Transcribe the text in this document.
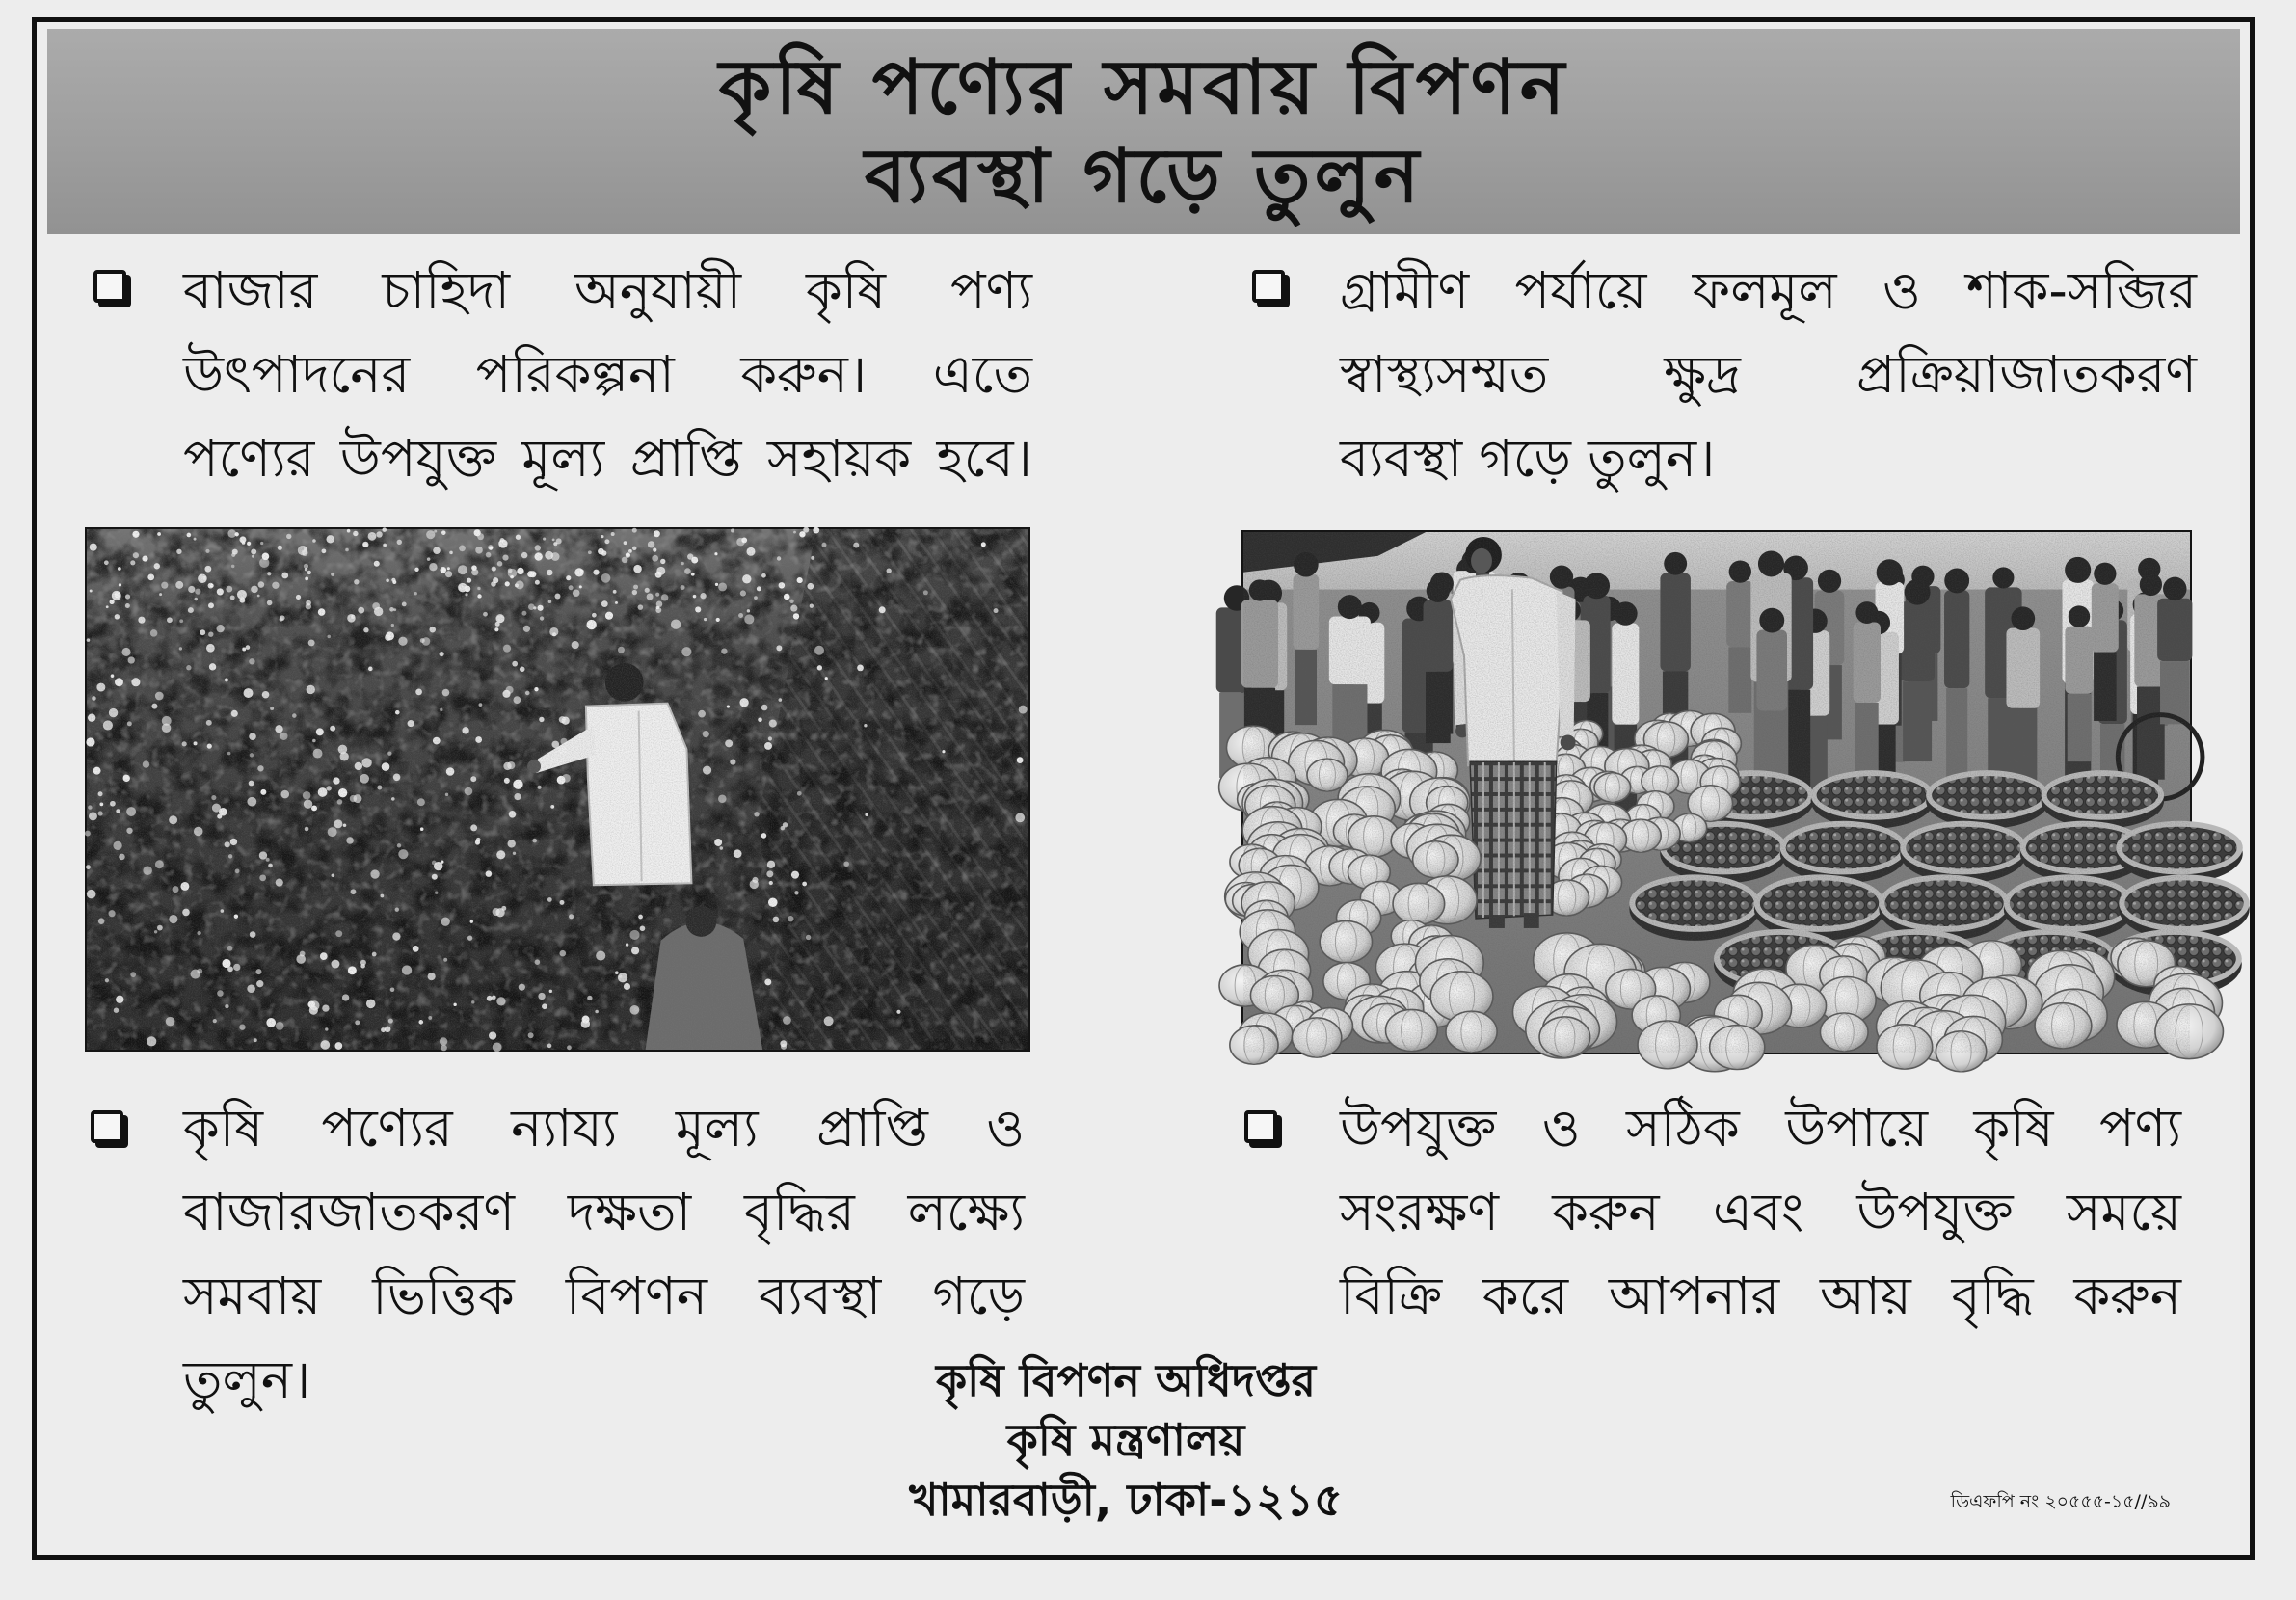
কৃষি পণ্যের সমবায় বিপণন
ব্যবস্থা গড়ে তুলুন
বাজার চাহিদা অনুযায়ী কৃষি পণ্য
উৎপাদনের পরিকল্পনা করুন। এতে
পণ্যের উপযুক্ত মূল্য প্রাপ্তি সহায়ক হবে।
গ্রামীণ পর্যায়ে ফলমূল ও শাক-সব্জির
স্বাস্থ্যসম্মত ক্ষুদ্র প্রক্রিয়াজাতকরণ
ব্যবস্থা গড়ে তুলুন।
কৃষি পণ্যের ন্যায্য মূল্য প্রাপ্তি ও
বাজারজাতকরণ দক্ষতা বৃদ্ধির লক্ষ্যে
সমবায় ভিত্তিক বিপণন ব্যবস্থা গড়ে তুলুন।
উপযুক্ত ও সঠিক উপায়ে কৃষি পণ্য
সংরক্ষণ করুন এবং উপযুক্ত সময়ে
বিক্রি করে আপনার আয় বৃদ্ধি করুন
কৃষি বিপণন অধিদপ্তর
কৃষি মন্ত্রণালয়
খামারবাড়ী, ঢাকা-১২১৫	ডিএফপি নং ২০৫৫৫-১৫//৯৯
